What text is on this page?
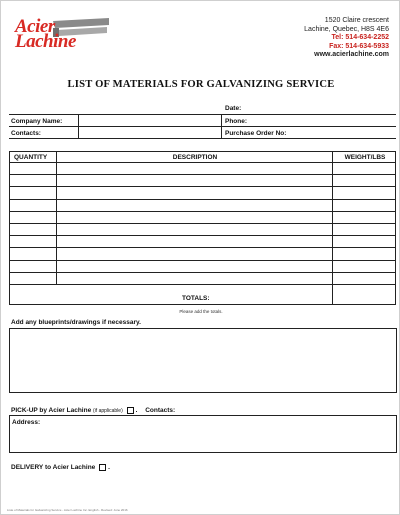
Acier
Lachine
1520 Claire crescent
Lachine, Quebec, H8S 4E6
Tel: 514-634-2252
Fax: 514-634-5933
www.acierlachine.com
LIST OF MATERIALS FOR GALVANIZING SERVICE
Date:
Company Name:	Phone:
Contacts:	Purchase Order No:
QUANTITY	DESCRIPTION	WEIGHT/LBS
TOTALS:
Please add the totals.
Add any blueprints/drawings if necessary.
PICK-UP by Acier Lachine (if applicable) . Contacts:
Address:
DELIVERY to Acier Lachine .
Liste of Materials for Galvanizing Service - Acier Lachine Inc. English - Revised: June 2016
